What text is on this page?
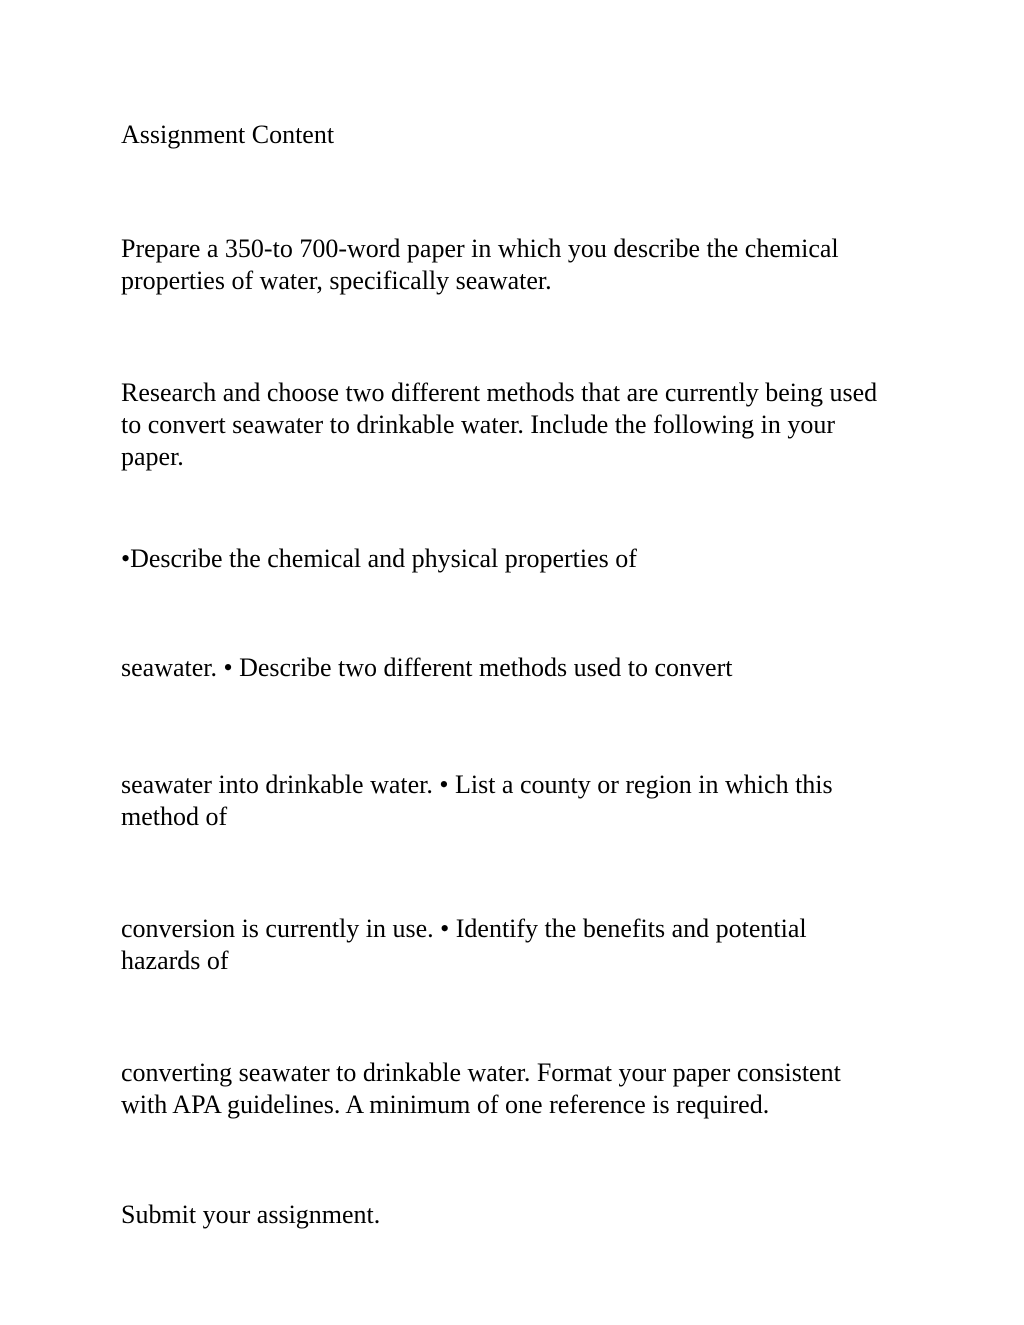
Assignment Content

Prepare a 350-to 700-word paper in which you describe the chemical
properties of water, specifically seawater.

Research and choose two different methods that are currently being used
to convert seawater to drinkable water. Include the following in your
paper.

•Describe the chemical and physical properties of

seawater. • Describe two different methods used to convert

seawater into drinkable water. • List a county or region in which this
method of

conversion is currently in use. • Identify the benefits and potential
hazards of

converting seawater to drinkable water. Format your paper consistent
with APA guidelines. A minimum of one reference is required.

Submit your assignment.
